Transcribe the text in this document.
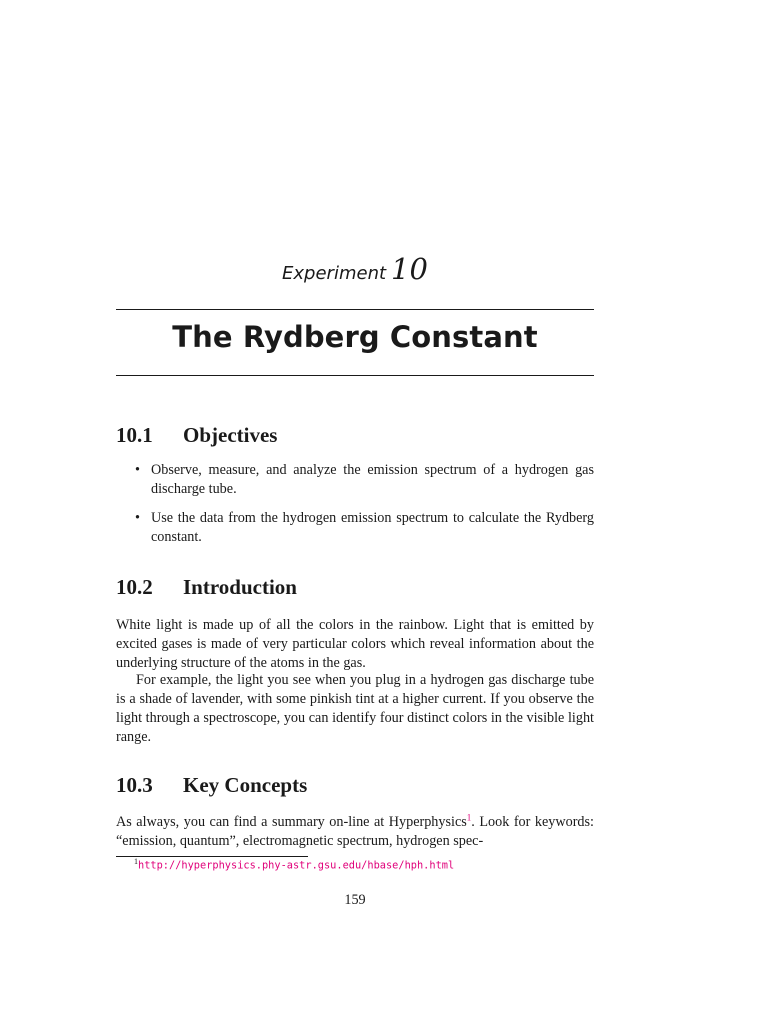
Experiment 10
The Rydberg Constant
10.1 Objectives
• Observe, measure, and analyze the emission spectrum of a hydrogen gas discharge tube.
• Use the data from the hydrogen emission spectrum to calculate the Rydberg constant.
10.2 Introduction

White light is made up of all the colors in the rainbow. Light that is emitted by excited gases is made of very particular colors which reveal information about the underlying structure of the atoms in the gas.

For example, the light you see when you plug in a hydrogen gas discharge tube is a shade of lavender, with some pinkish tint at a higher current. If you observe the light through a spectroscope, you can identify four distinct colors in the visible light range.

10.3 Key Concepts

As always, you can find a summary on-line at Hyperphysics$^1$. Look for keywords: “emission, quantum”, electromagnetic spectrum, hydrogen spec-

$^1$http://hyperphysics.phy-astr.gsu.edu/hbase/hph.html
159
